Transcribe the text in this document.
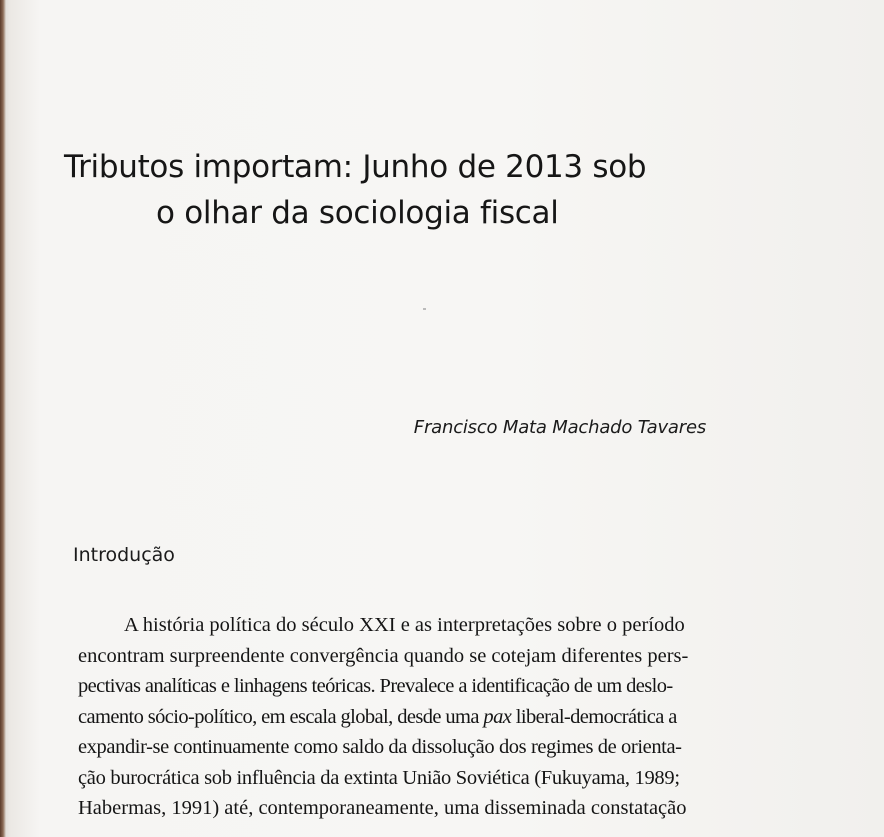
Tributos importam: Junho de 2013 sob
o olhar da sociologia fiscal
Francisco Mata Machado Tavares
Introdução
A história política do século XXI e as interpretações sobre o período
encontram surpreendente convergência quando se cotejam diferentes pers-
pectivas analíticas e linhagens teóricas. Prevalece a identificação de um deslo-
camento sócio-político, em escala global, desde uma pax liberal-democrática a
expandir-se continuamente como saldo da dissolução dos regimes de orienta-
ção burocrática sob influência da extinta União Soviética (Fukuyama, 1989;
Habermas, 1991) até, contemporaneamente, uma disseminada constatação
